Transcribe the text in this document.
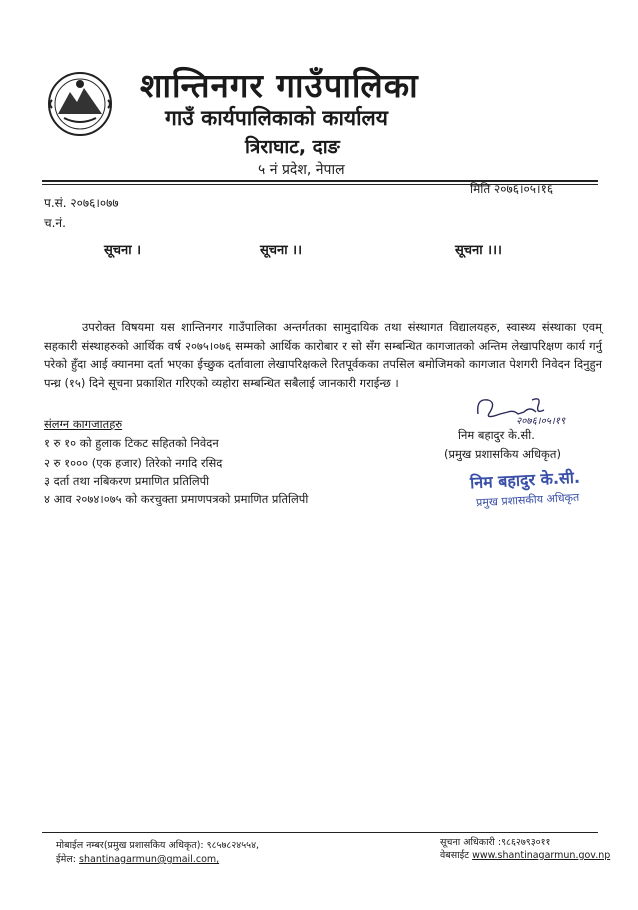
शान्तिनगर गाउँपालिका
गाउँ कार्यपालिकाको कार्यालय
त्रिराघाट, दाङ
५ नं प्रदेश, नेपाल
प.सं. २०७६।०७७
च.नं.
मिति २०७६।०५।१६
सूचना ।	सूचना ।।	सूचना ।।।
उपरोक्त विषयमा यस शान्तिनगर गाउँपालिका अन्तर्गतका सामुदायिक तथा संस्थागत विद्यालयहरु, स्वास्थ्य संस्थाका एवम् सहकारी संस्थाहरुको आर्थिक वर्ष २०७५।०७६ सम्मको आर्थिक कारोबार र सो सँग सम्बन्धित कागजातको अन्तिम लेखापरिक्षण कार्य गर्नु परेको हुँदा आई क्यानमा दर्ता भएका ईच्छुक दर्तावाला लेखापरिक्षकले रितपूर्वकका तपसिल बमोजिमको कागजात पेशगरी निवेदन दिनुहुन पन्ध्र (१५) दिने सूचना प्रकाशित गरिएको व्यहोरा सम्बन्धित सबैलाई जानकारी गराईन्छ ।
संलग्न कागजातहरु
१ रु १० को हुलाक टिकट सहितको निवेदन
२ रु १००० (एक हजार) तिरेको नगदि रसिद
३ दर्ता तथा नबिकरण प्रमाणित प्रतिलिपी
४ आव २०७४।०७५ को करचुक्ता प्रमाणपत्रको प्रमाणित प्रतिलिपी
२०७६।०५।१९
निम बहादुर के.सी.
(प्रमुख प्रशासकिय अधिकृत)
निम बहादुर के.सी.
प्रमुख प्रशासकीय अधिकृत
मोबाईल नम्बर(प्रमुख प्रशासकिय अधिकृत): ९८५७८२४५५४,
ईमेल: shantinagarmun@gmail.com,
सूचना अधिकारी :९८६२७९३०११
वेबसाईट www.shantinagarmun.gov.np
